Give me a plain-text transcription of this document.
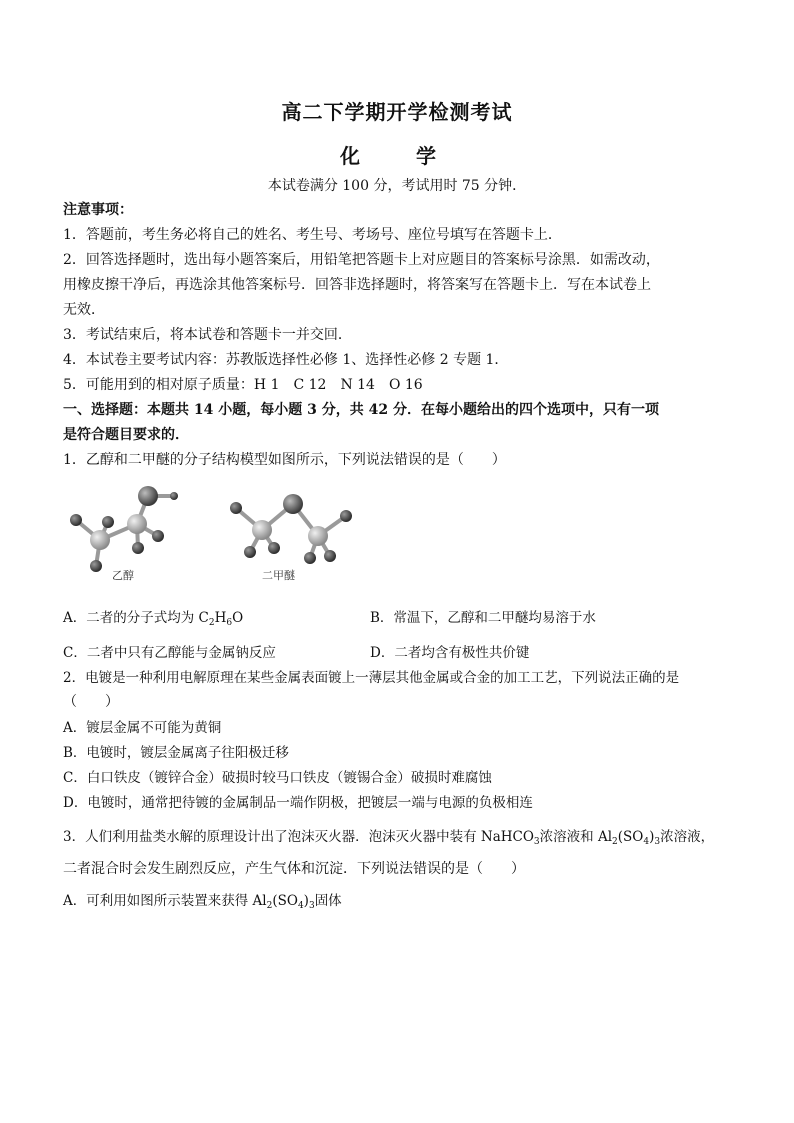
高二下学期开学检测考试
化　学
本试卷满分 100 分，考试用时 75 分钟．
注意事项：
1．答题前，考生务必将自己的姓名、考生号、考场号、座位号填写在答题卡上．
2．回答选择题时，选出每小题答案后，用铅笔把答题卡上对应题目的答案标号涂黑．如需改动，
用橡皮擦干净后，再选涂其他答案标号．回答非选择题时，将答案写在答题卡上．写在本试卷上
无效．
3．考试结束后，将本试卷和答题卡一并交回．
4．本试卷主要考试内容：苏教版选择性必修 1、选择性必修 2 专题 1．
5．可能用到的相对原子质量：H 1　C 12　N 14　O 16
一、选择题：本题共 14 小题，每小题 3 分，共 42 分．在每小题给出的四个选项中，只有一项
是符合题目要求的．
1．乙醇和二甲醚的分子结构模型如图所示，下列说法错误的是（　　）
乙醇	二甲醚
A．二者的分子式均为 $C_2H_6O$	B．常温下，乙醇和二甲醚均易溶于水
C．二者中只有乙醇能与金属钠反应	D．二者均含有极性共价键
2．电镀是一种利用电解原理在某些金属表面镀上一薄层其他金属或合金的加工工艺，下列说法正确的是
（　　）
A．镀层金属不可能为黄铜
B．电镀时，镀层金属离子往阳极迁移
C．白口铁皮（镀锌合金）破损时较马口铁皮（镀锡合金）破损时难腐蚀
D．电镀时，通常把待镀的金属制品一端作阴极，把镀层一端与电源的负极相连
3．人们利用盐类水解的原理设计出了泡沫灭火器．泡沫灭火器中装有 NaHCO$_3$浓溶液和 $Al_2(SO_4)_3$浓溶液，
二者混合时会发生剧烈反应，产生气体和沉淀．下列说法错误的是（　　）
A．可利用如图所示装置来获得 $Al_2(SO_4)_3$固体
